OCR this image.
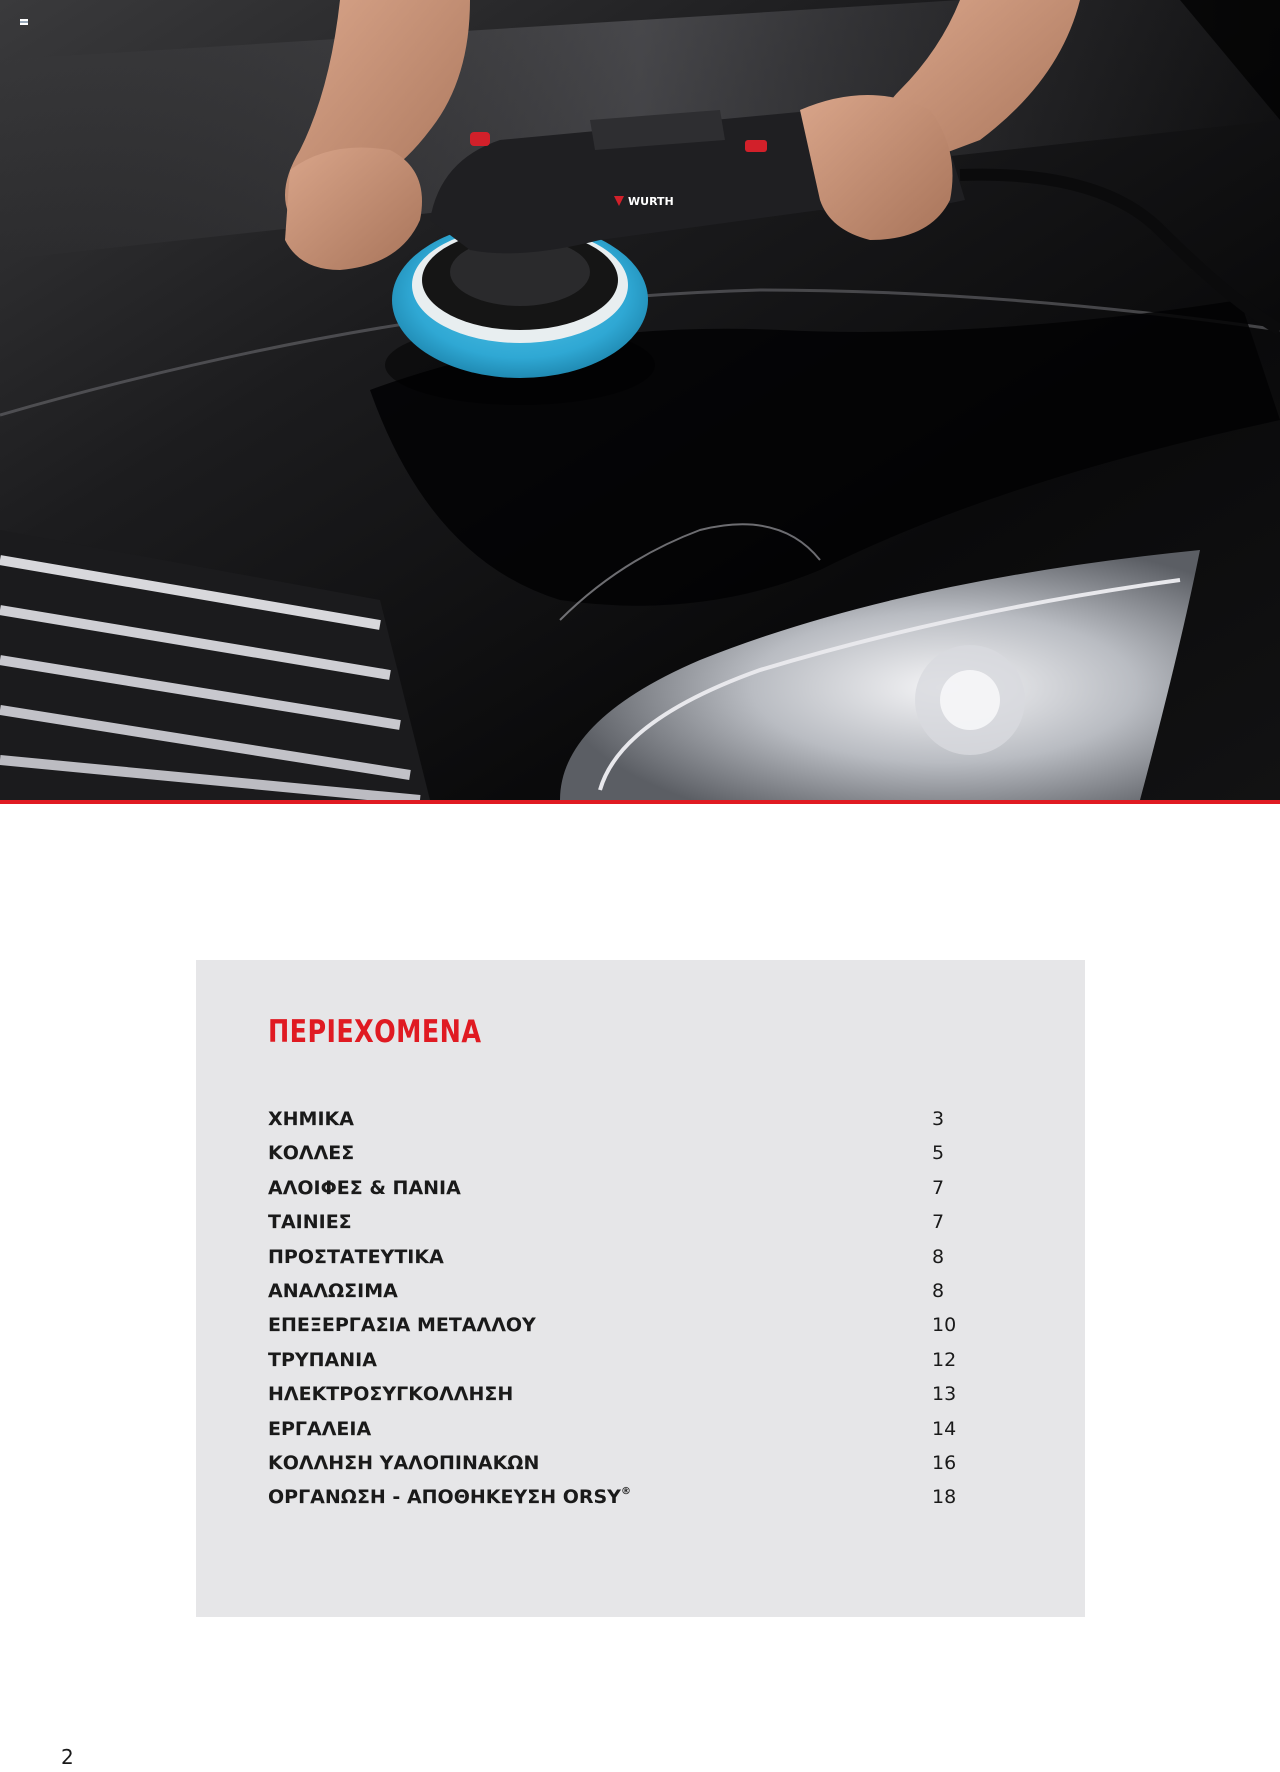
WURTH
ΠΕΡΙΕΧΟΜΕΝΑ
ΧΗΜΙΚΑ	3
ΚΟΛΛΕΣ	5
ΑΛΟΙΦΕΣ & ΠΑΝΙΑ	7
ΤΑΙΝΙΕΣ	7
ΠΡΟΣΤΑΤΕΥΤΙΚΑ	8
ΑΝΑΛΩΣΙΜΑ	8
ΕΠΕΞΕΡΓΑΣΙΑ ΜΕΤΑΛΛΟΥ	10
ΤΡΥΠΑΝΙΑ	12
ΗΛΕΚΤΡΟΣΥΓΚΟΛΛΗΣΗ	13
ΕΡΓΑΛΕΙΑ	14
ΚΟΛΛΗΣΗ ΥΑΛΟΠΙΝΑΚΩΝ	16
ΟΡΓΑΝΩΣΗ - ΑΠΟΘΗΚΕΥΣΗ ORSY®	18
2
